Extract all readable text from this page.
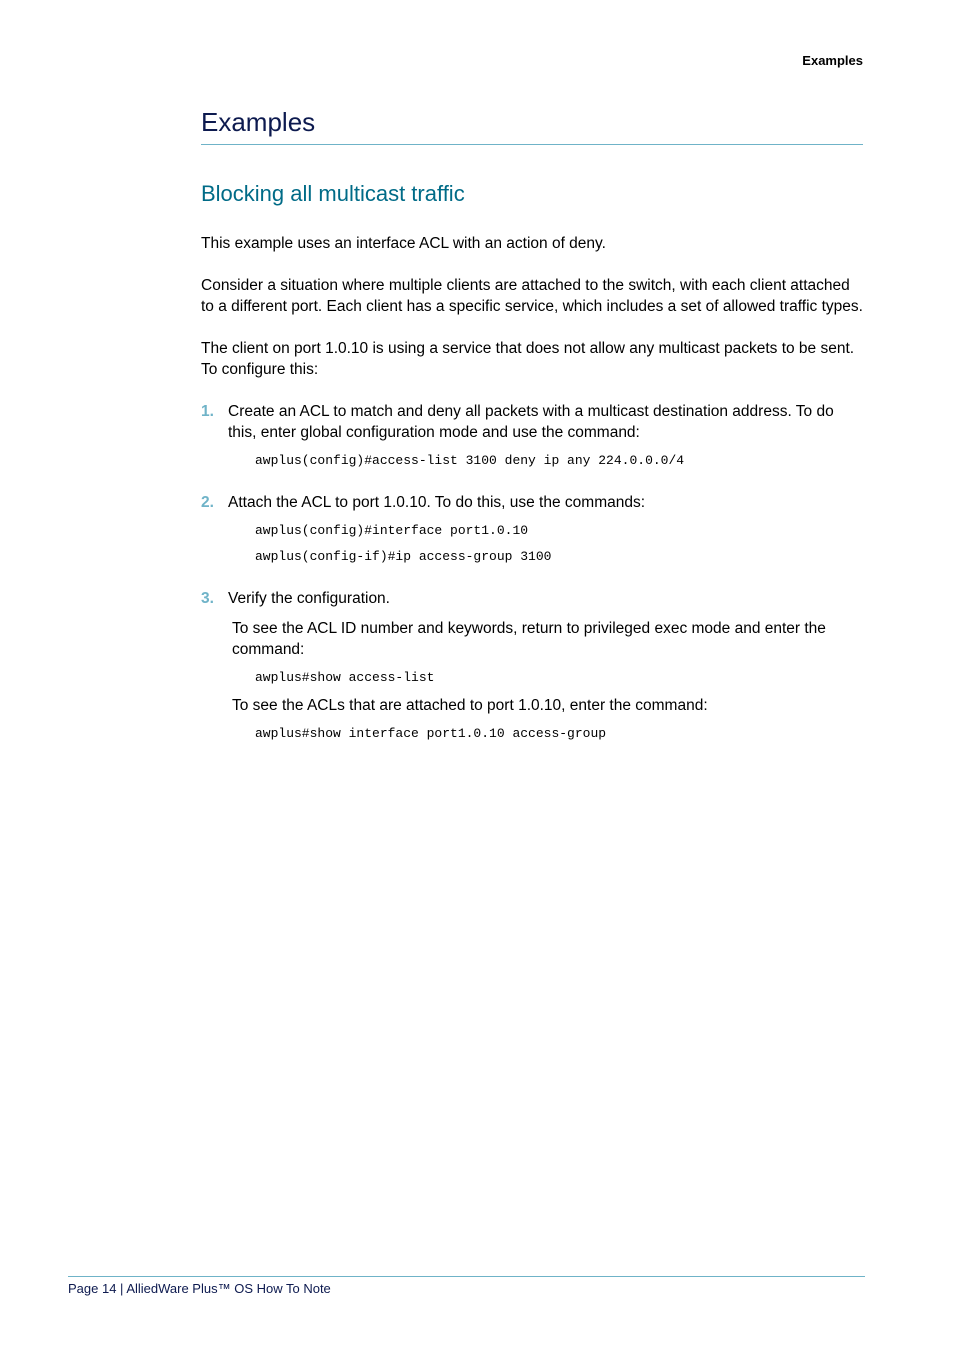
Examples
Examples
Blocking all multicast traffic
This example uses an interface ACL with an action of deny.
Consider a situation where multiple clients are attached to the switch, with each client attached to a different port. Each client has a specific service, which includes a set of allowed traffic types.
The client on port 1.0.10 is using a service that does not allow any multicast packets to be sent. To configure this:
1. Create an ACL to match and deny all packets with a multicast destination address. To do this, enter global configuration mode and use the command:
awplus(config)#access-list 3100 deny ip any 224.0.0.0/4
2. Attach the ACL to port 1.0.10. To do this, use the commands:
awplus(config)#interface port1.0.10
awplus(config-if)#ip access-group 3100
3. Verify the configuration.
To see the ACL ID number and keywords, return to privileged exec mode and enter the command:
awplus#show access-list
To see the ACLs that are attached to port 1.0.10, enter the command:
awplus#show interface port1.0.10 access-group
Page 14 | AlliedWare Plus™ OS How To Note
